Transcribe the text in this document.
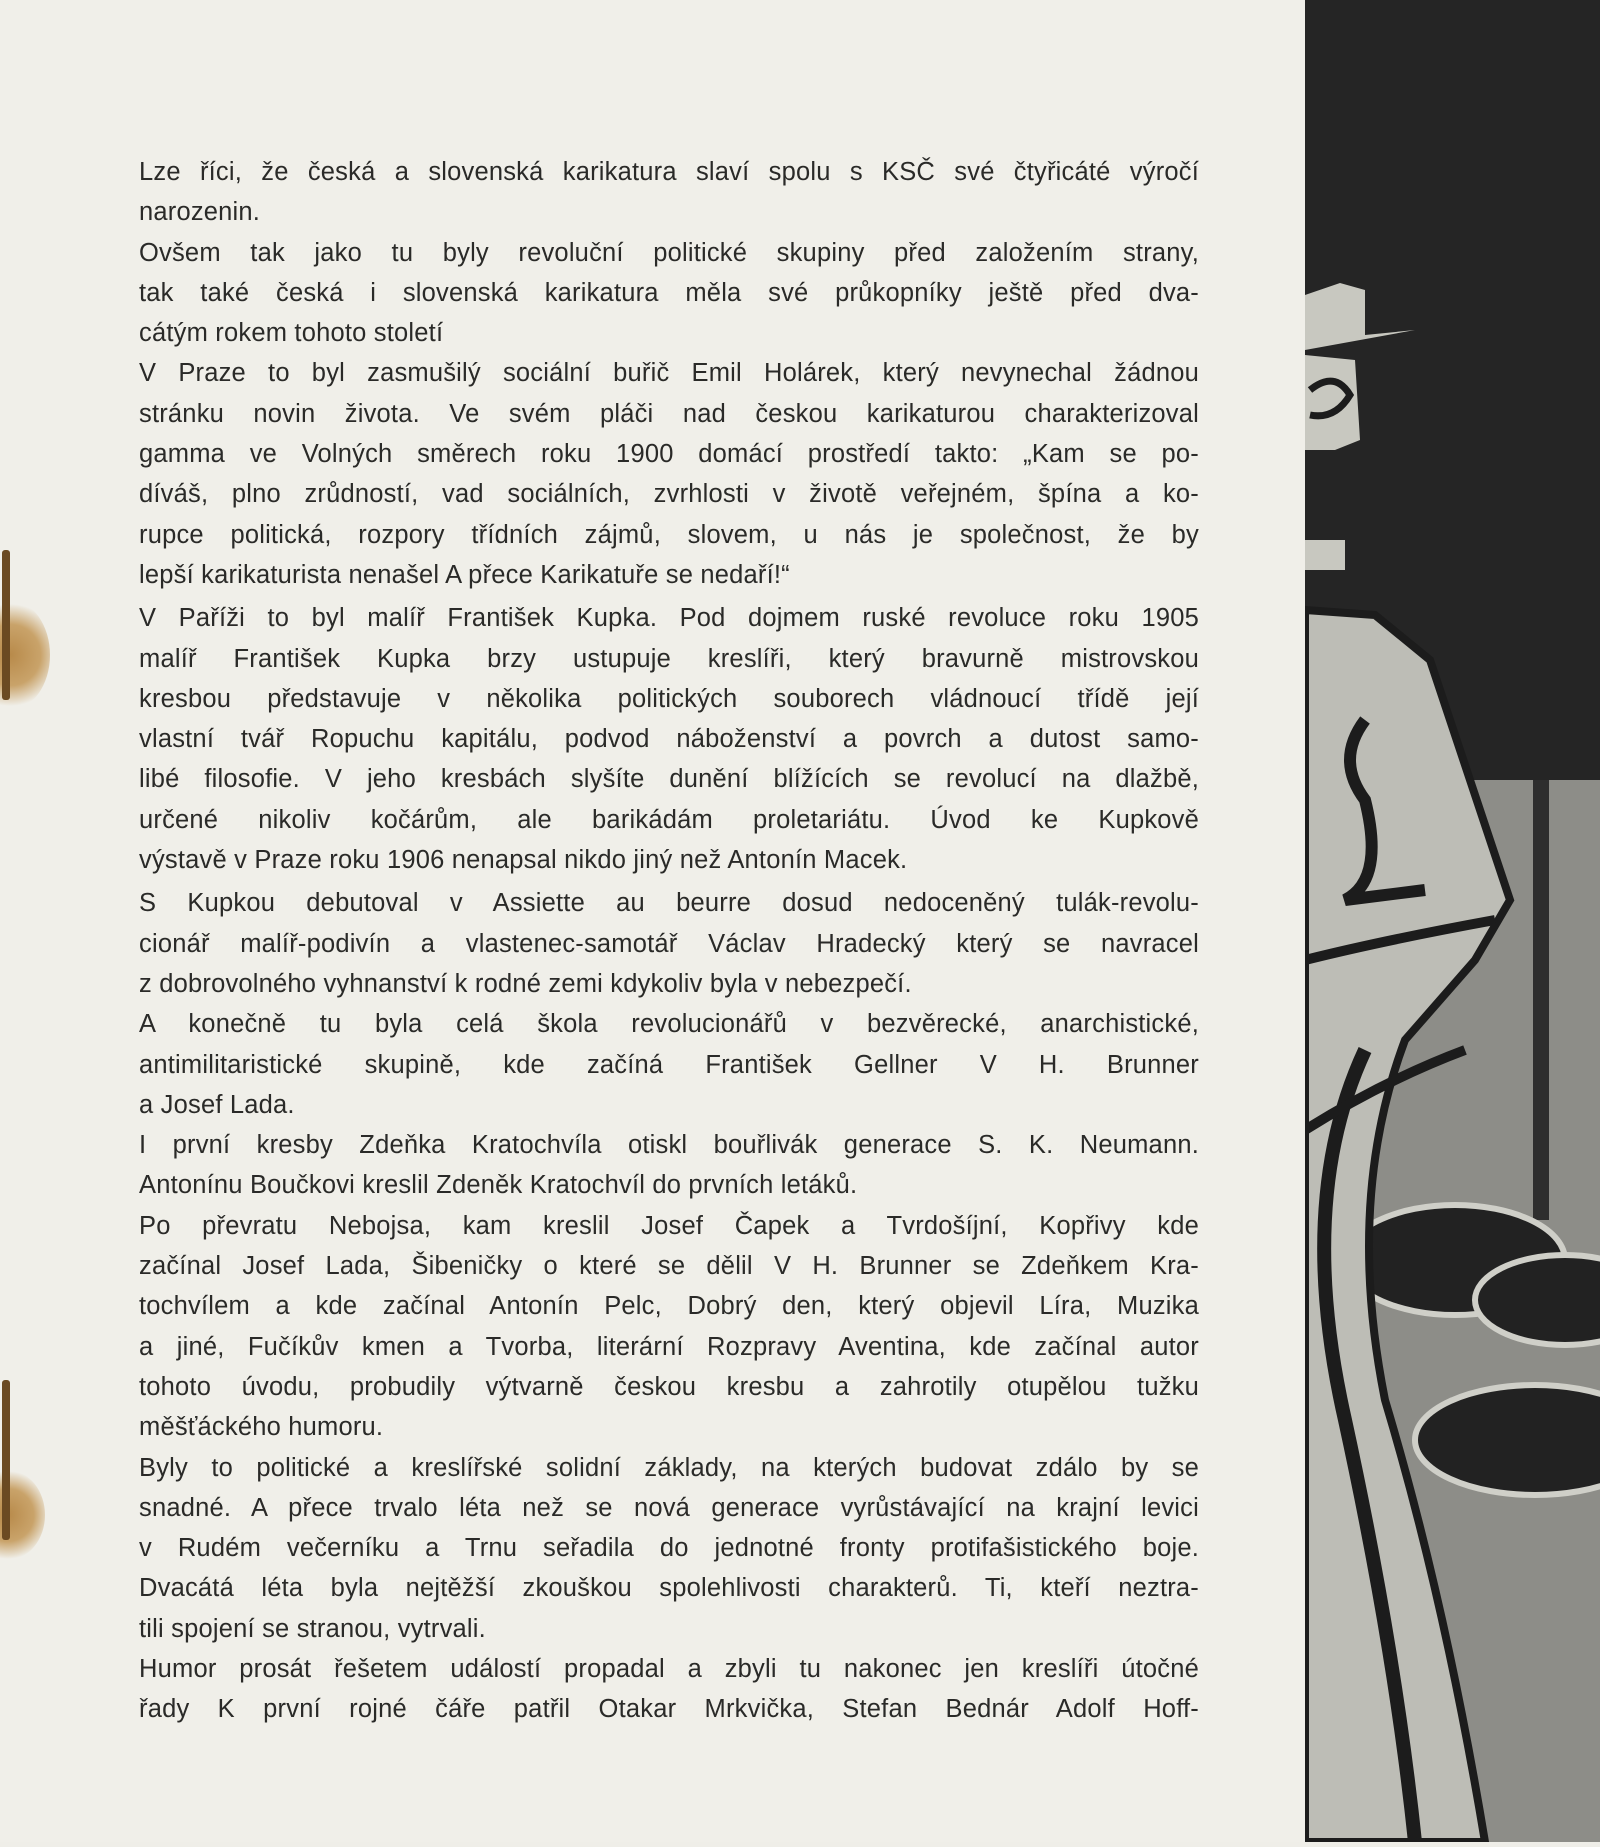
Lze říci, že česká a slovenská karikatura slaví spolu s KSČ své čtyřicáté výročí
narozenin.
Ovšem tak jako tu byly revoluční politické skupiny před založením strany,
tak také česká i slovenská karikatura měla své průkopníky ještě před dva-
cátým rokem tohoto století
V Praze to byl zasmušilý sociální buřič Emil Holárek, který nevynechal žádnou
stránku novin života. Ve svém pláči nad českou karikaturou charakterizoval
gamma ve Volných směrech roku 1900 domácí prostředí takto: „Kam se po-
díváš, plno zrůdností, vad sociálních, zvrhlosti v životě veřejném, špína a ko-
rupce politická, rozpory třídních zájmů, slovem, u nás je společnost, že by
lepší karikaturista nenašel A přece Karikatuře se nedaří!“
V Paříži to byl malíř František Kupka. Pod dojmem ruské revoluce roku 1905
malíř František Kupka brzy ustupuje kreslíři, který bravurně mistrovskou
kresbou představuje v několika politických souborech vládnoucí třídě její
vlastní tvář Ropuchu kapitálu, podvod náboženství a povrch a dutost samo-
libé filosofie. V jeho kresbách slyšíte dunění blížících se revolucí na dlažbě,
určené nikoliv kočárům, ale barikádám proletariátu. Úvod ke Kupkově
výstavě v Praze roku 1906 nenapsal nikdo jiný než Antonín Macek.
S Kupkou debutoval v Assiette au beurre dosud nedoceněný tulák-revolu-
cionář malíř-podivín a vlastenec-samotář Václav Hradecký který se navracel
z dobrovolného vyhnanství k rodné zemi kdykoliv byla v nebezpečí.
A konečně tu byla celá škola revolucionářů v bezvěrecké, anarchistické,
antimilitaristické skupině, kde začíná František Gellner V H. Brunner
a Josef Lada.
I první kresby Zdeňka Kratochvíla otiskl bouřlivák generace S. K. Neumann.
Antonínu Boučkovi kreslil Zdeněk Kratochvíl do prvních letáků.
Po převratu Nebojsa, kam kreslil Josef Čapek a Tvrdošíjní, Kopřivy kde
začínal Josef Lada, Šibeničky o které se dělil V H. Brunner se Zdeňkem Kra-
tochvílem a kde začínal Antonín Pelc, Dobrý den, který objevil Líra, Muzika
a jiné, Fučíkův kmen a Tvorba, literární Rozpravy Aventina, kde začínal autor
tohoto úvodu, probudily výtvarně českou kresbu a zahrotily otupělou tužku
měšťáckého humoru.
Byly to politické a kreslířské solidní základy, na kterých budovat zdálo by se
snadné. A přece trvalo léta než se nová generace vyrůstávající na krajní levici
v Rudém večerníku a Trnu seřadila do jednotné fronty protifašistického boje.
Dvacátá léta byla nejtěžší zkouškou spolehlivosti charakterů. Ti, kteří neztra-
tili spojení se stranou, vytrvali.
Humor prosát řešetem událostí propadal a zbyli tu nakonec jen kreslíři útočné
řady K první rojné čáře patřil Otakar Mrkvička, Stefan Bednár Adolf Hoff-
